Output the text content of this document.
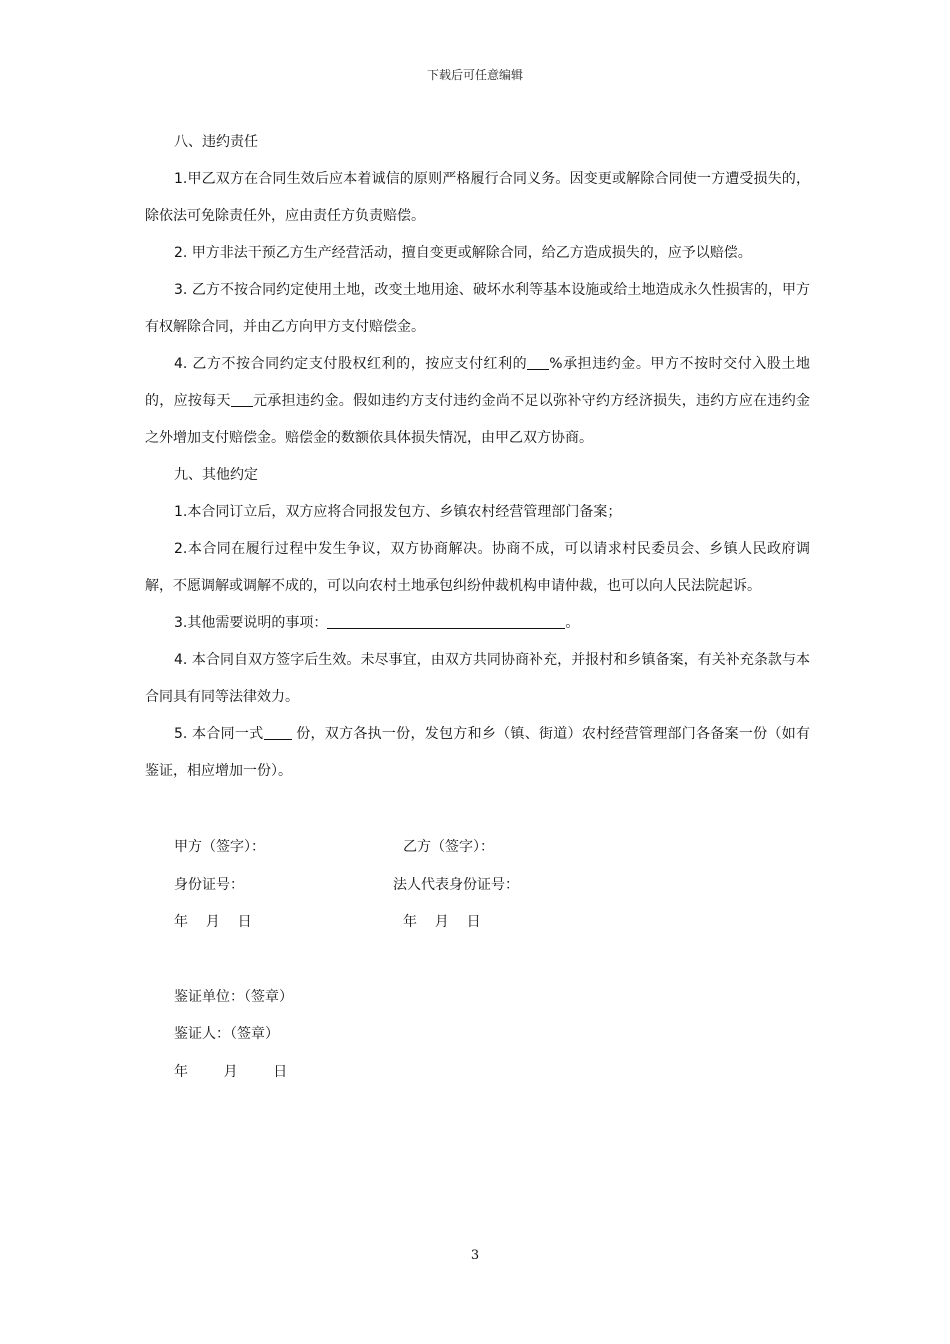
下载后可任意编辑

八、违约责任

1.甲乙双方在合同生效后应本着诚信的原则严格履行合同义务。因变更或解除合同使一方遭受损失的，除依法可免除责任外，应由责任方负责赔偿。

2. 甲方非法干预乙方生产经营活动，擅自变更或解除合同，给乙方造成损失的，应予以赔偿。

3. 乙方不按合同约定使用土地，改变土地用途、破坏水利等基本设施或给土地造成永久性损害的，甲方有权解除合同，并由乙方向甲方支付赔偿金。

4. 乙方不按合同约定支付股权红利的，按应支付红利的 %承担违约金。甲方不按时交付入股土地的，应按每天 元承担违约金。假如违约方支付违约金尚不足以弥补守约方经济损失，违约方应在违约金之外增加支付赔偿金。赔偿金的数额依具体损失情况，由甲乙双方协商。

九、其他约定

1.本合同订立后，双方应将合同报发包方、乡镇农村经营管理部门备案；

2.本合同在履行过程中发生争议，双方协商解决。协商不成，可以请求村民委员会、乡镇人民政府调解，不愿调解或调解不成的，可以向农村土地承包纠纷仲裁机构申请仲裁，也可以向人民法院起诉。

3.其他需要说明的事项：	。

4. 本合同自双方签字后生效。未尽事宜，由双方共同协商补充，并报村和乡镇备案，有关补充条款与本合同具有同等法律效力。

5. 本合同一式 份，双方各执一份，发包方和乡（镇、街道）农村经营管理部门各备案一份（如有鉴证，相应增加一份）。

甲方（签字）：	乙方（签字）：
身份证号：	法人代表身份证号：
年    月    日	年    月    日
鉴证单位：（签章）
鉴证人：（签章）
年        月        日
3
